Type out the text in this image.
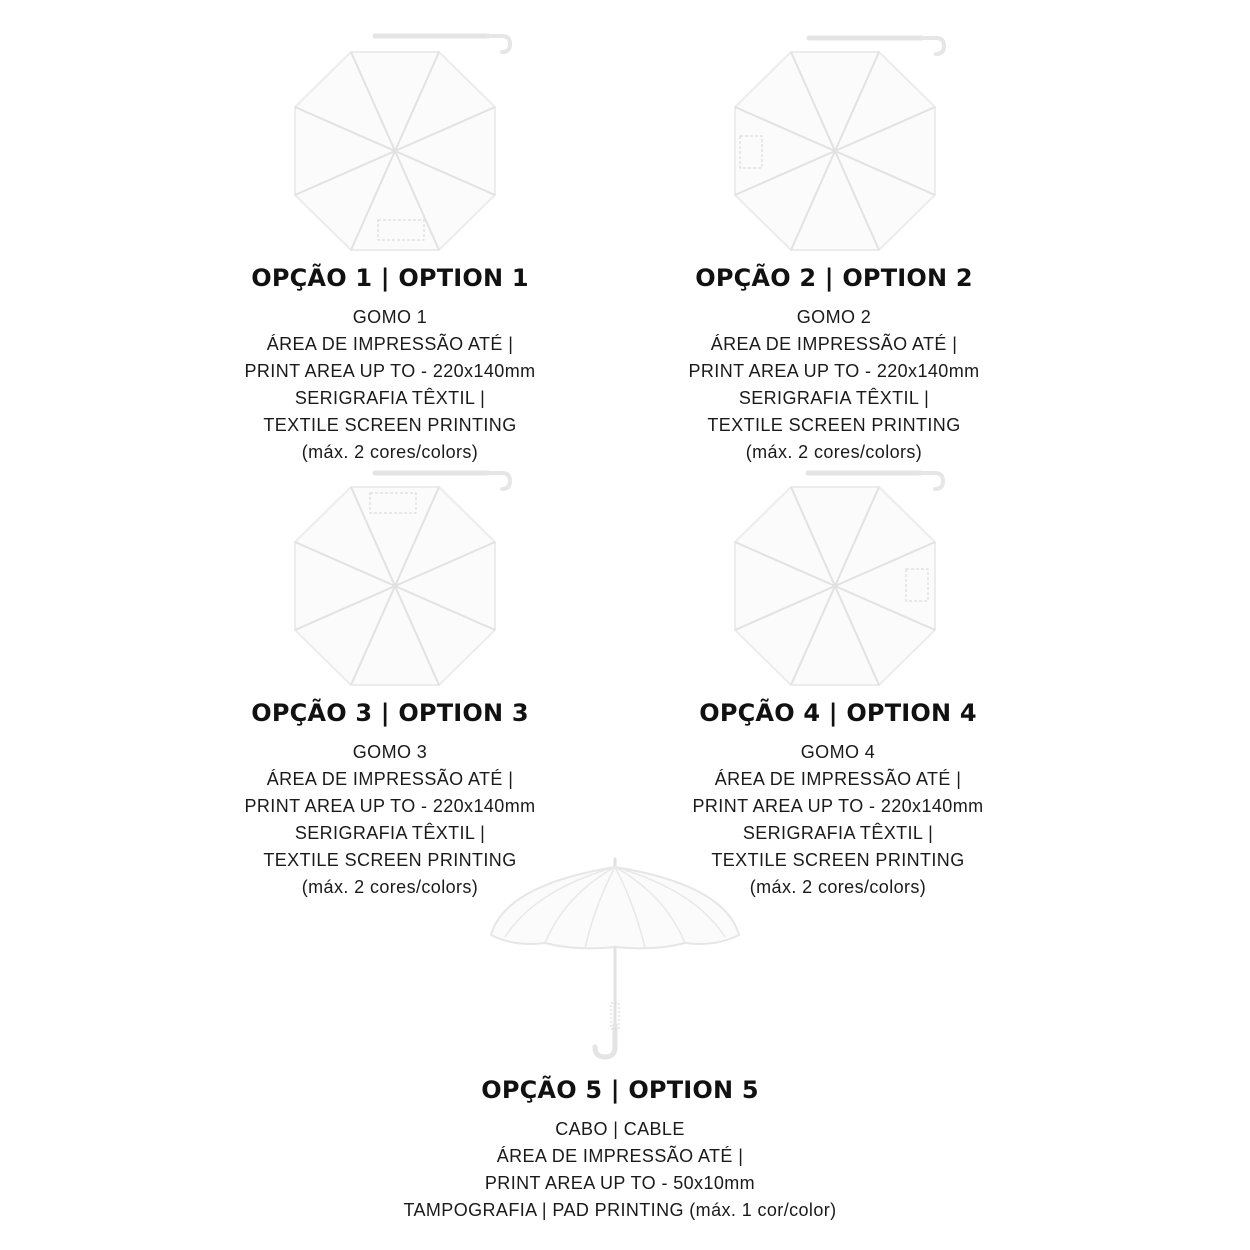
OPÇÃO 1 | OPTION 1
GOMO 1
ÁREA DE IMPRESSÃO ATÉ |
PRINT AREA UP TO - 220x140mm
SERIGRAFIA TÊXTIL |
TEXTILE SCREEN PRINTING
(máx. 2 cores/colors)
OPÇÃO 2 | OPTION 2
GOMO 2
ÁREA DE IMPRESSÃO ATÉ |
PRINT AREA UP TO - 220x140mm
SERIGRAFIA TÊXTIL |
TEXTILE SCREEN PRINTING
(máx. 2 cores/colors)
OPÇÃO 3 | OPTION 3
GOMO 3
ÁREA DE IMPRESSÃO ATÉ |
PRINT AREA UP TO - 220x140mm
SERIGRAFIA TÊXTIL |
TEXTILE SCREEN PRINTING
(máx. 2 cores/colors)
OPÇÃO 4 | OPTION 4
GOMO 4
ÁREA DE IMPRESSÃO ATÉ |
PRINT AREA UP TO - 220x140mm
SERIGRAFIA TÊXTIL |
TEXTILE SCREEN PRINTING
(máx. 2 cores/colors)
OPÇÃO 5 | OPTION 5
CABO | CABLE
ÁREA DE IMPRESSÃO ATÉ |
PRINT AREA UP TO - 50x10mm
TAMPOGRAFIA | PAD PRINTING (máx. 1 cor/color)
